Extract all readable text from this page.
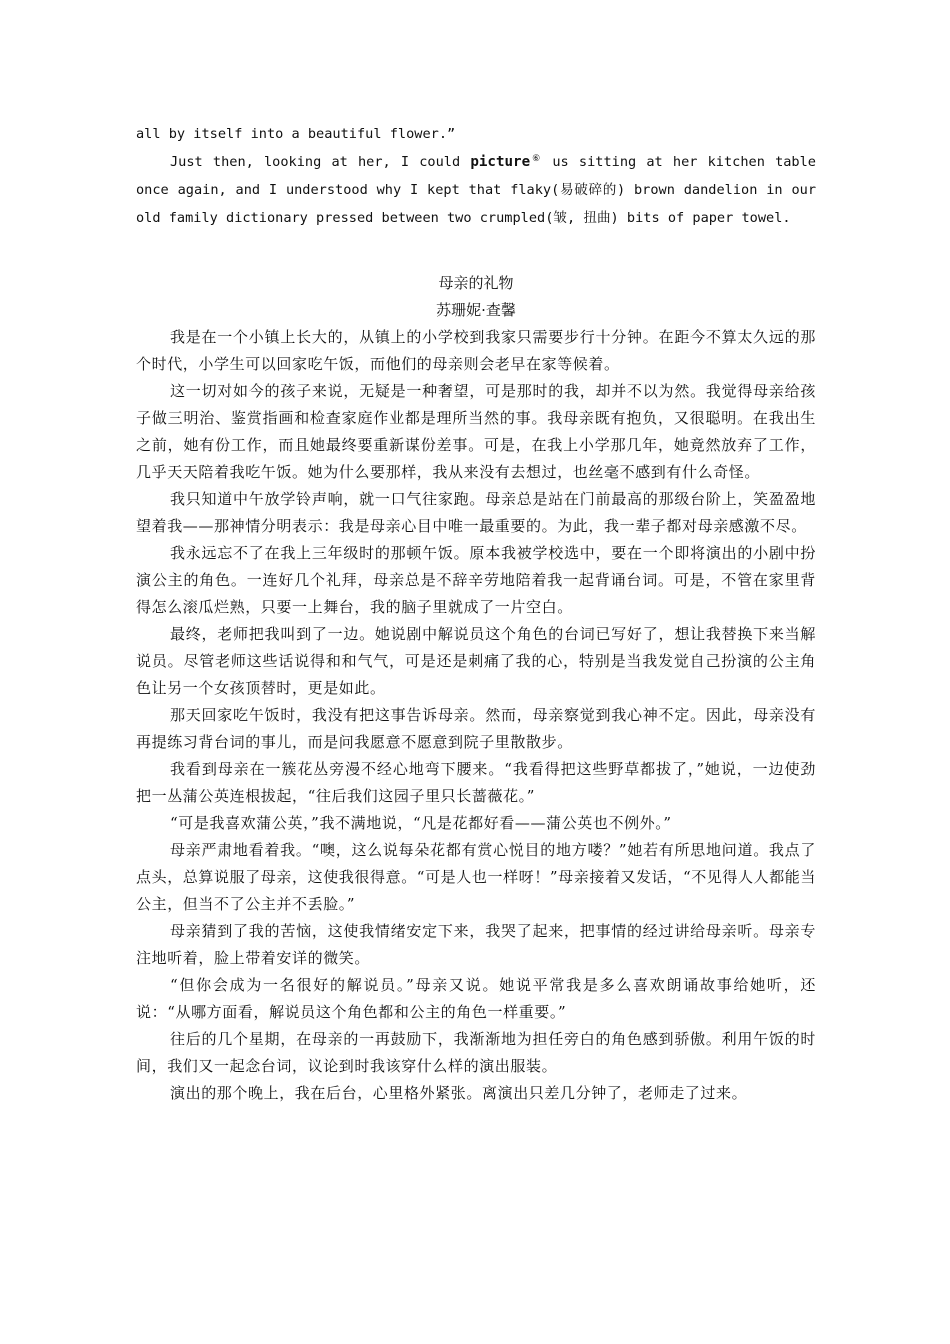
all by itself into a beautiful flower.”

Just then, looking at her, I could picture⑥ us sitting at her kitchen table once again, and I understood why I kept that flaky(易破碎的) brown dandelion in our old family dictionary pressed between two crumpled(皱, 扭曲) bits of paper towel.

母亲的礼物

苏珊妮·查馨

我是在一个小镇上长大的，从镇上的小学校到我家只需要步行十分钟。在距今不算太久远的那个时代，小学生可以回家吃午饭，而他们的母亲则会老早在家等候着。

这一切对如今的孩子来说，无疑是一种奢望，可是那时的我，却并不以为然。我觉得母亲给孩子做三明治、鉴赏指画和检查家庭作业都是理所当然的事。我母亲既有抱负，又很聪明。在我出生之前，她有份工作，而且她最终要重新谋份差事。可是，在我上小学那几年，她竟然放弃了工作，几乎天天陪着我吃午饭。她为什么要那样，我从来没有去想过，也丝毫不感到有什么奇怪。

我只知道中午放学铃声响，就一口气往家跑。母亲总是站在门前最高的那级台阶上，笑盈盈地望着我——那神情分明表示：我是母亲心目中唯一最重要的。为此，我一辈子都对母亲感激不尽。

我永远忘不了在我上三年级时的那顿午饭。原本我被学校选中，要在一个即将演出的小剧中扮演公主的角色。一连好几个礼拜，母亲总是不辞辛劳地陪着我一起背诵台词。可是，不管在家里背得怎么滚瓜烂熟，只要一上舞台，我的脑子里就成了一片空白。

最终，老师把我叫到了一边。她说剧中解说员这个角色的台词已写好了，想让我替换下来当解说员。尽管老师这些话说得和和气气，可是还是刺痛了我的心，特别是当我发觉自己扮演的公主角色让另一个女孩顶替时，更是如此。

那天回家吃午饭时，我没有把这事告诉母亲。然而，母亲察觉到我心神不定。因此，母亲没有再提练习背台词的事儿，而是问我愿意不愿意到院子里散散步。

我看到母亲在一簇花丛旁漫不经心地弯下腰来。“我看得把这些野草都拔了，”她说，一边使劲把一丛蒲公英连根拔起，“往后我们这园子里只长蔷薇花。”

“可是我喜欢蒲公英，”我不满地说，“凡是花都好看——蒲公英也不例外。”

母亲严肃地看着我。“噢，这么说每朵花都有赏心悦目的地方喽？”她若有所思地问道。我点了点头，总算说服了母亲，这使我很得意。“可是人也一样呀！”母亲接着又发话，“不见得人人都能当公主，但当不了公主并不丢脸。”

母亲猜到了我的苦恼，这使我情绪安定下来，我哭了起来，把事情的经过讲给母亲听。母亲专注地听着，脸上带着安详的微笑。

“但你会成为一名很好的解说员。”母亲又说。她说平常我是多么喜欢朗诵故事给她听，还说：“从哪方面看，解说员这个角色都和公主的角色一样重要。”

往后的几个星期，在母亲的一再鼓励下，我渐渐地为担任旁白的角色感到骄傲。利用午饭的时间，我们又一起念台词，议论到时我该穿什么样的演出服装。

演出的那个晚上，我在后台，心里格外紧张。离演出只差几分钟了，老师走了过来。
